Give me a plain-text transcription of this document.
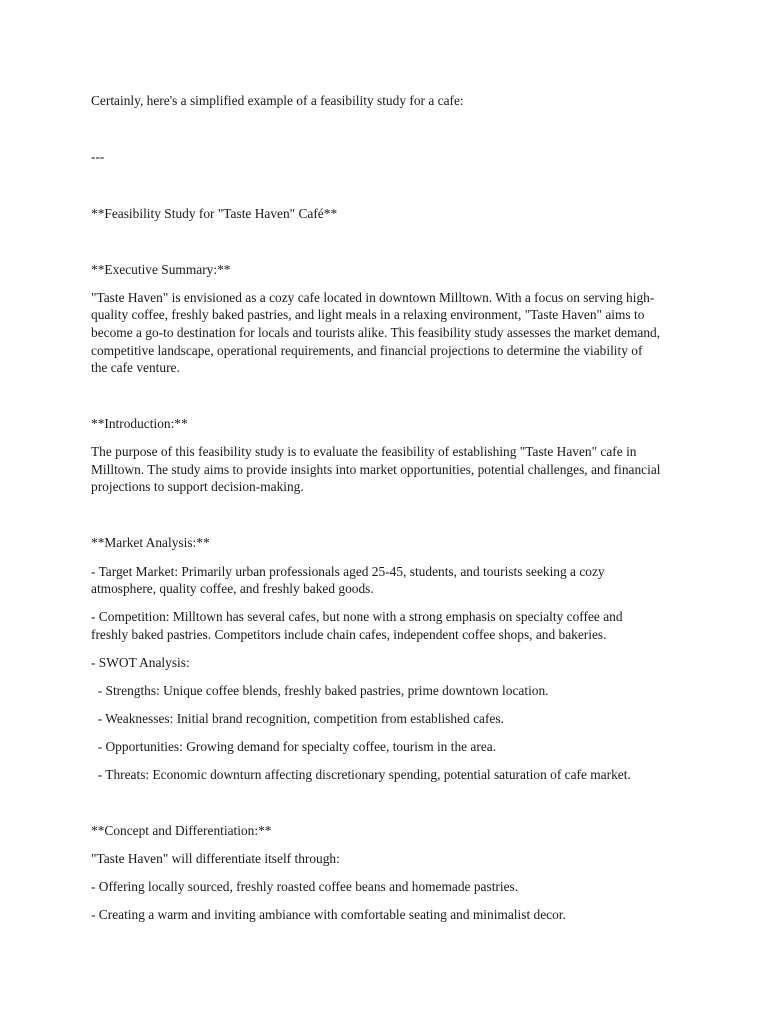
Certainly, here's a simplified example of a feasibility study for a cafe:
---
**Feasibility Study for "Taste Haven" Café**
**Executive Summary:**
"Taste Haven" is envisioned as a cozy cafe located in downtown Milltown. With a focus on serving high-
quality coffee, freshly baked pastries, and light meals in a relaxing environment, "Taste Haven" aims to
become a go-to destination for locals and tourists alike. This feasibility study assesses the market demand,
competitive landscape, operational requirements, and financial projections to determine the viability of
the cafe venture.
**Introduction:**
The purpose of this feasibility study is to evaluate the feasibility of establishing "Taste Haven" cafe in
Milltown. The study aims to provide insights into market opportunities, potential challenges, and financial
projections to support decision-making.
**Market Analysis:**
- Target Market: Primarily urban professionals aged 25-45, students, and tourists seeking a cozy
atmosphere, quality coffee, and freshly baked goods.
- Competition: Milltown has several cafes, but none with a strong emphasis on specialty coffee and
freshly baked pastries. Competitors include chain cafes, independent coffee shops, and bakeries.
- SWOT Analysis:
- Strengths: Unique coffee blends, freshly baked pastries, prime downtown location.
- Weaknesses: Initial brand recognition, competition from established cafes.
- Opportunities: Growing demand for specialty coffee, tourism in the area.
- Threats: Economic downturn affecting discretionary spending, potential saturation of cafe market.
**Concept and Differentiation:**
"Taste Haven" will differentiate itself through:
- Offering locally sourced, freshly roasted coffee beans and homemade pastries.
- Creating a warm and inviting ambiance with comfortable seating and minimalist decor.
